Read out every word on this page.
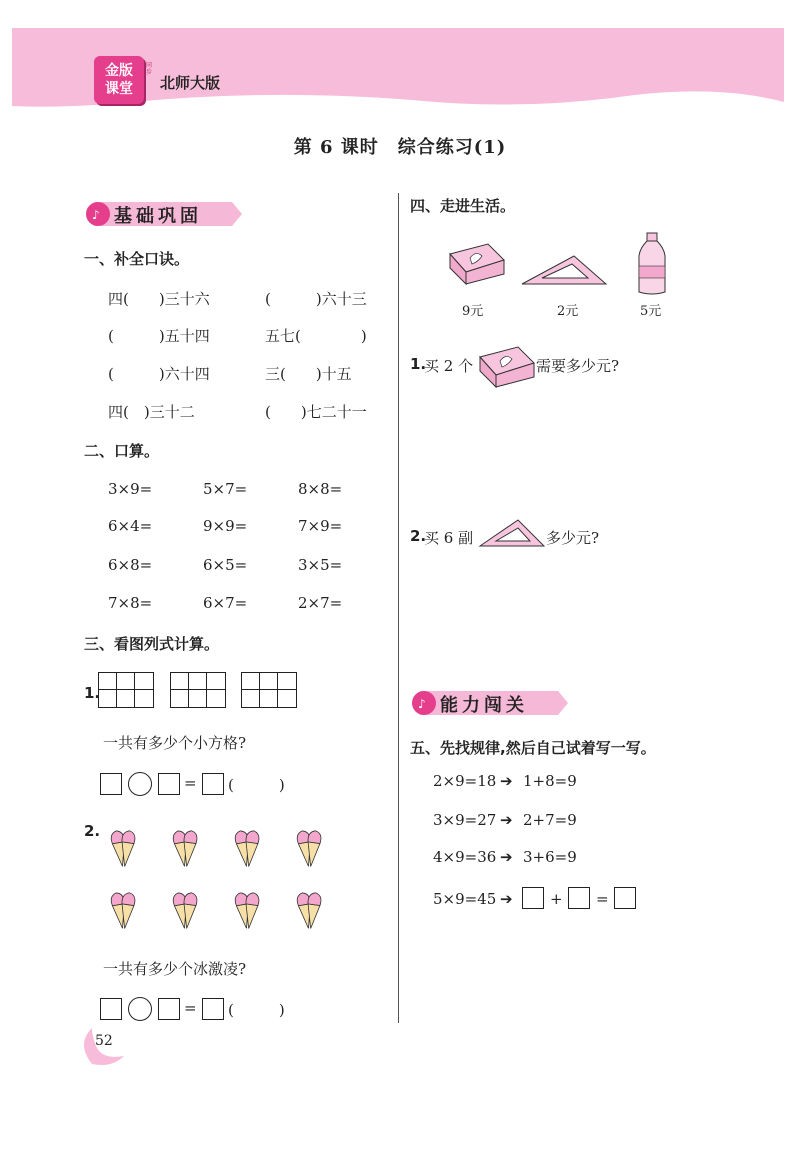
金版
课堂
同步
北师大版
第 6 课时　综合练习(1)
♪ 基础巩固
一、补全口诀。
四(　　)三十六	(　　　)六十三
(　　　)五十四	五七(　　　　)
(　　　)六十四	三(　　)十五
四(　)三十二	(　　)七二十一
二、口算。
3×9=	5×7=	8×8=
6×4=	9×9=	7×9=
6×8=	6×5=	3×5=
7×8=	6×7=	2×7=
三、看图列式计算。
1.
一共有多少个小方格?
= (　　　)
2.
一共有多少个冰激凌?
= (　　　)
四、走进生活。
9元	2元	5元
1.
买 2 个	需要多少元?
2.
买 6 副	多少元?
♪ 能力闯关
五、先找规律,然后自己试着写一写。
2×9=18 ➔ 1+8=9
3×9=27 ➔ 2+7=9
4×9=36 ➔ 3+6=9
5×9=45 ➔ + =
52
